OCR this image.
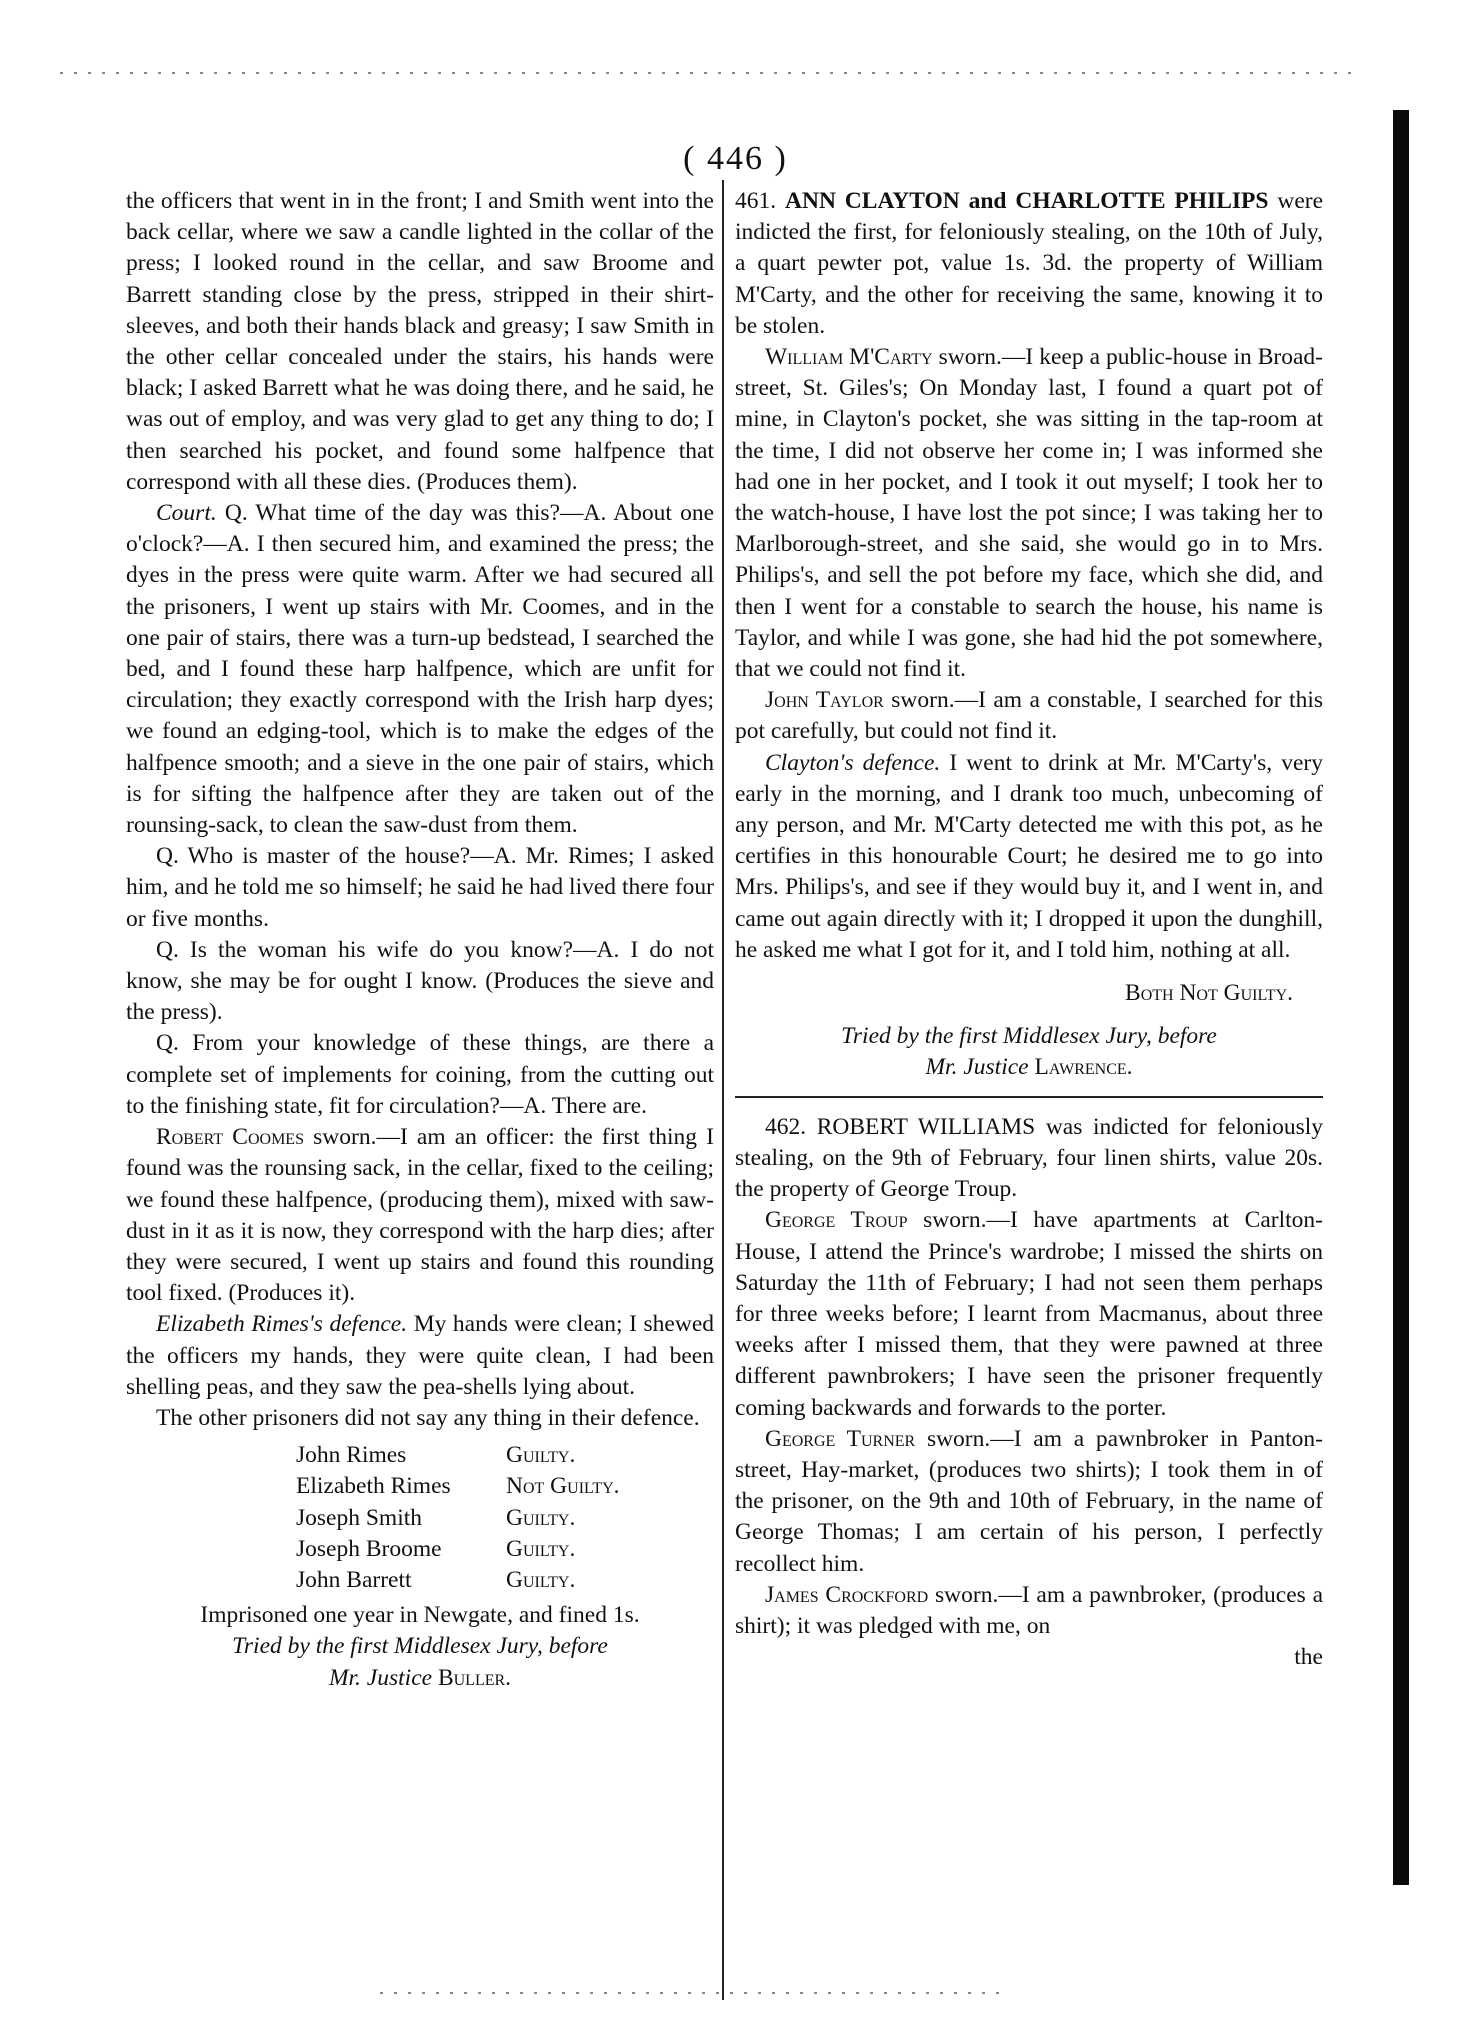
( 446 )

the officers that went in in the front; I and Smith went into the back cellar, where we saw a candle lighted in the collar of the press; I looked round in the cellar, and saw Broome and Barrett standing close by the press, stripped in their shirt-sleeves, and both their hands black and greasy; I saw Smith in the other cellar concealed under the stairs, his hands were black; I asked Barrett what he was doing there, and he said, he was out of employ, and was very glad to get any thing to do; I then searched his pocket, and found some halfpence that correspond with all these dies. (Produces them).

Court. Q. What time of the day was this?—A. About one o'clock?—A. I then secured him, and examined the press; the dyes in the press were quite warm. After we had secured all the prisoners, I went up stairs with Mr. Coomes, and in the one pair of stairs, there was a turn-up bedstead, I searched the bed, and I found these harp halfpence, which are unfit for circulation; they exactly correspond with the Irish harp dyes; we found an edging-tool, which is to make the edges of the halfpence smooth; and a sieve in the one pair of stairs, which is for sifting the halfpence after they are taken out of the rounsing-sack, to clean the saw-dust from them.

Q. Who is master of the house?—A. Mr. Rimes; I asked him, and he told me so himself; he said he had lived there four or five months.

Q. Is the woman his wife do you know?—A. I do not know, she may be for ought I know. (Produces the sieve and the press).

Q. From your knowledge of these things, are there a complete set of implements for coining, from the cutting out to the finishing state, fit for circulation?—A. There are.

Robert Coomes sworn.—I am an officer: the first thing I found was the rounsing sack, in the cellar, fixed to the ceiling; we found these halfpence, (producing them), mixed with saw-dust in it as it is now, they correspond with the harp dies; after they were secured, I went up stairs and found this rounding tool fixed. (Produces it).

Elizabeth Rimes's defence. My hands were clean; I shewed the officers my hands, they were quite clean, I had been shelling peas, and they saw the pea-shells lying about.

The other prisoners did not say any thing in their defence.

John Rimes	Guilty.
Elizabeth Rimes	Not Guilty.
Joseph Smith	Guilty.
Joseph Broome	Guilty.
John Barrett	Guilty.

Imprisoned one year in Newgate, and fined 1s.

Tried by the first Middlesex Jury, before

Mr. Justice Buller.

461. ANN CLAYTON and CHARLOTTE PHILIPS were indicted the first, for feloniously stealing, on the 10th of July, a quart pewter pot, value 1s. 3d. the property of William M'Carty, and the other for receiving the same, knowing it to be stolen.

William M'Carty sworn.—I keep a public-house in Broad-street, St. Giles's; On Monday last, I found a quart pot of mine, in Clayton's pocket, she was sitting in the tap-room at the time, I did not observe her come in; I was informed she had one in her pocket, and I took it out myself; I took her to the watch-house, I have lost the pot since; I was taking her to Marlborough-street, and she said, she would go in to Mrs. Philips's, and sell the pot before my face, which she did, and then I went for a constable to search the house, his name is Taylor, and while I was gone, she had hid the pot somewhere, that we could not find it.

John Taylor sworn.—I am a constable, I searched for this pot carefully, but could not find it.

Clayton's defence. I went to drink at Mr. M'Carty's, very early in the morning, and I drank too much, unbecoming of any person, and Mr. M'Carty detected me with this pot, as he certifies in this honourable Court; he desired me to go into Mrs. Philips's, and see if they would buy it, and I went in, and came out again directly with it; I dropped it upon the dunghill, he asked me what I got for it, and I told him, nothing at all.

Both Not Guilty.

Tried by the first Middlesex Jury, before

Mr. Justice Lawrence.

462. ROBERT WILLIAMS was indicted for feloniously stealing, on the 9th of February, four linen shirts, value 20s. the property of George Troup.

George Troup sworn.—I have apartments at Carlton-House, I attend the Prince's wardrobe; I missed the shirts on Saturday the 11th of February; I had not seen them perhaps for three weeks before; I learnt from Macmanus, about three weeks after I missed them, that they were pawned at three different pawnbrokers; I have seen the prisoner frequently coming backwards and forwards to the porter.

George Turner sworn.—I am a pawnbroker in Panton-street, Hay-market, (produces two shirts); I took them in of the prisoner, on the 9th and 10th of February, in the name of George Thomas; I am certain of his person, I perfectly recollect him.

James Crockford sworn.—I am a pawnbroker, (produces a shirt); it was pledged with me, on

the
